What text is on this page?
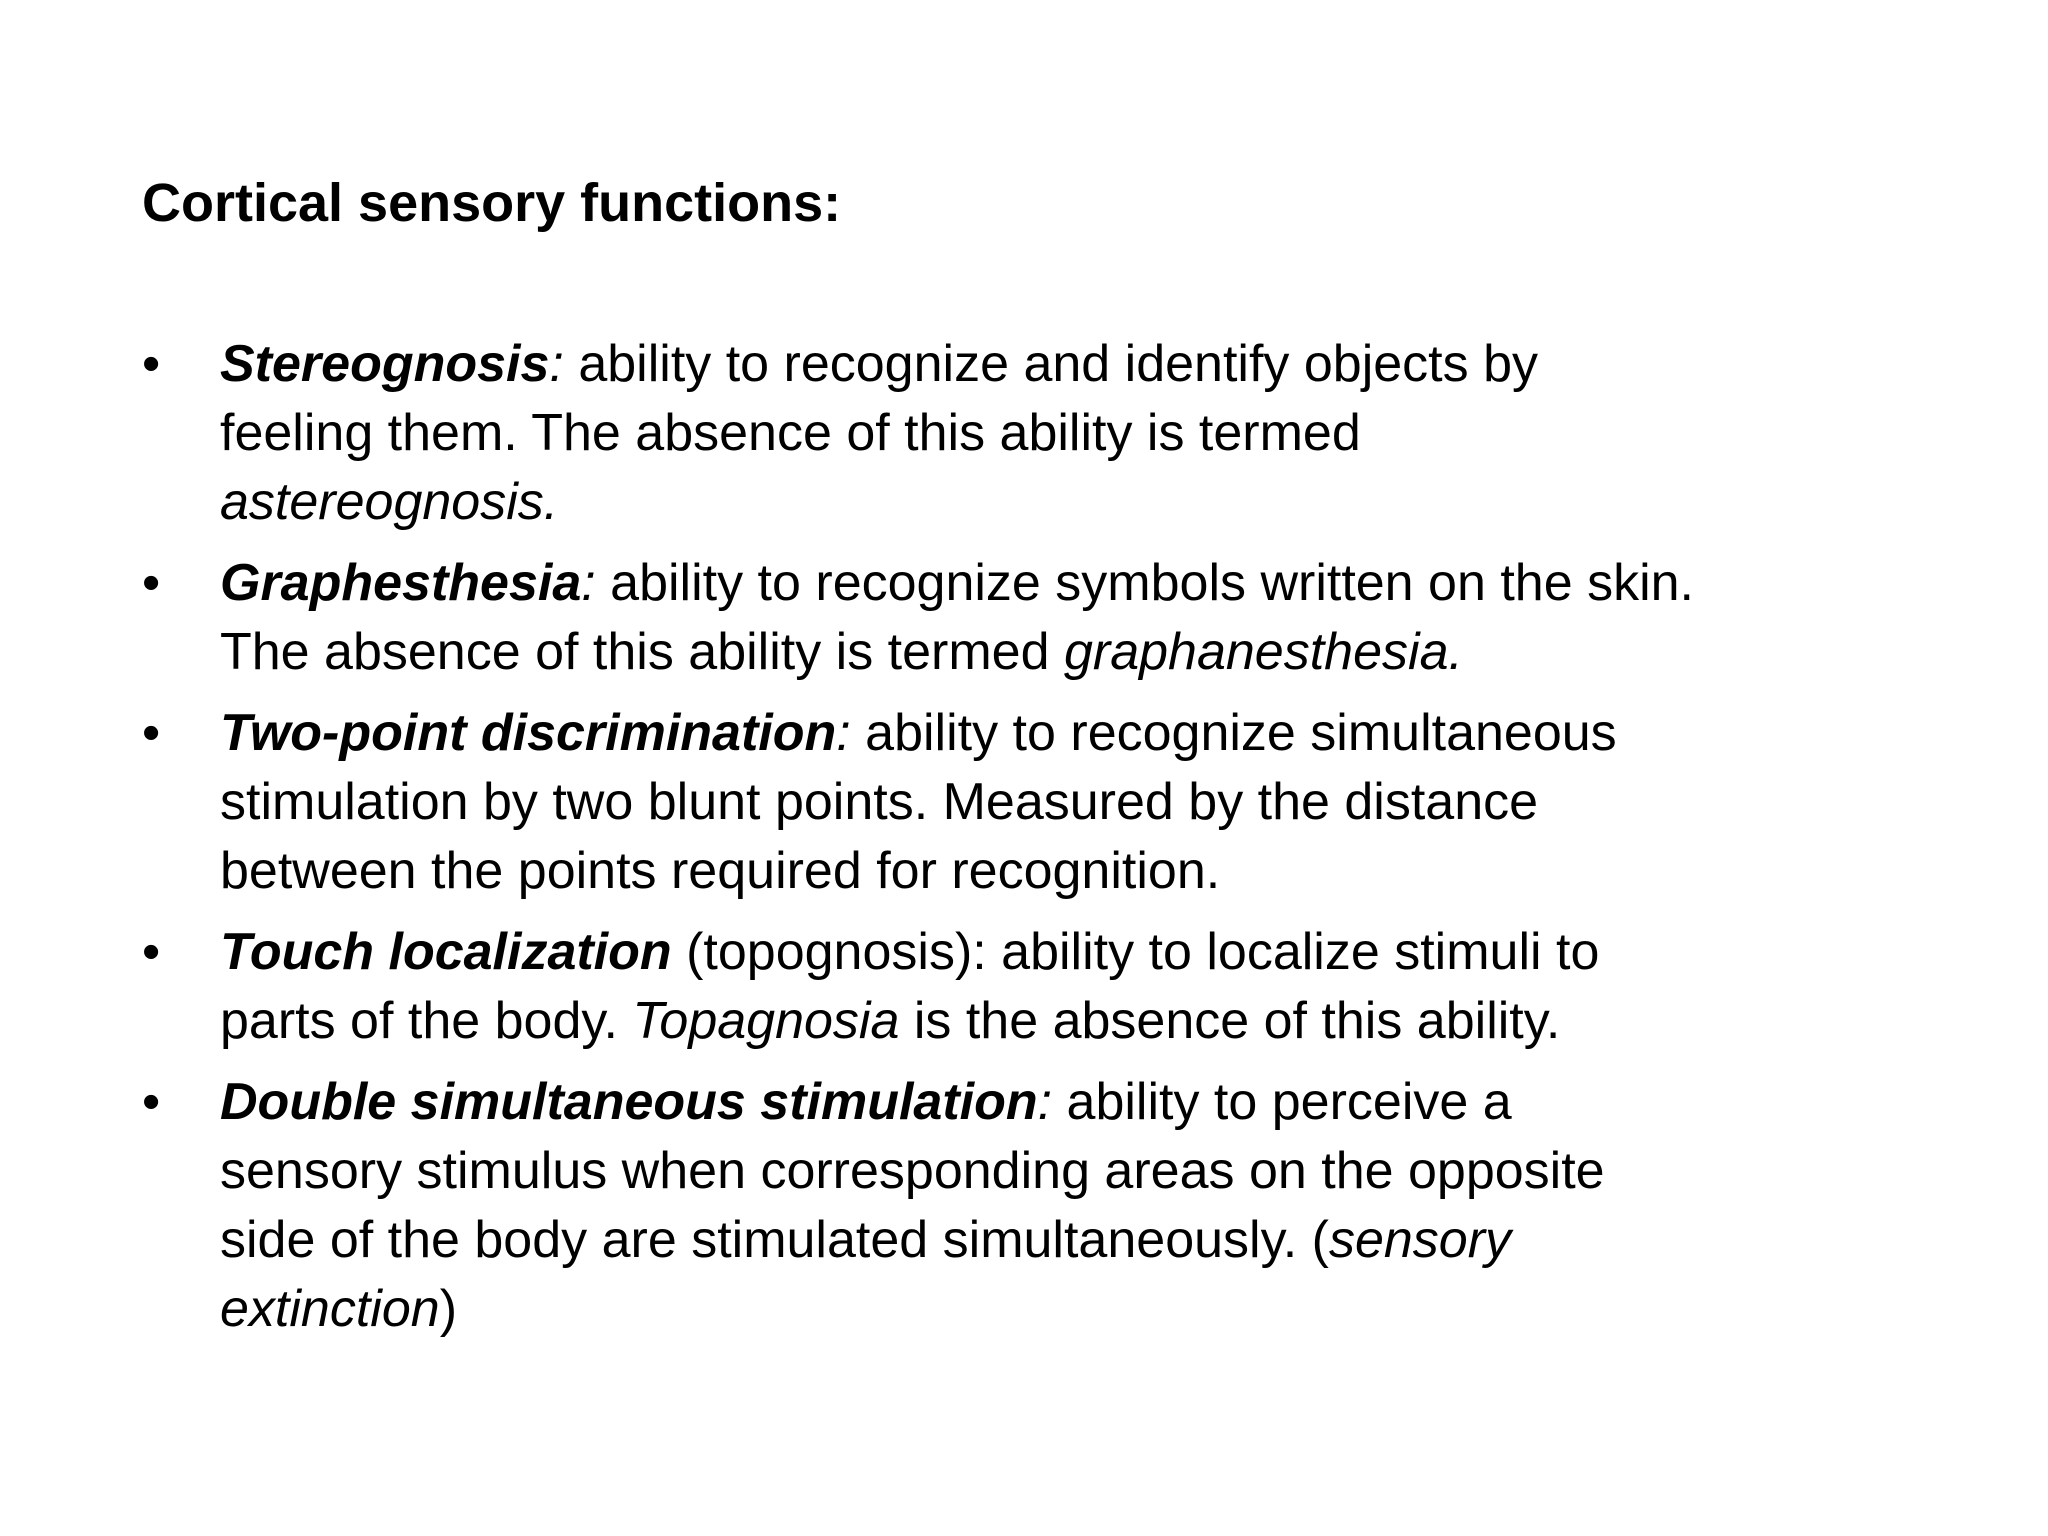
Cortical sensory functions:
•	Stereognosis: ability to recognize and identify objects by
feeling them. The absence of this ability is termed
astereognosis.
•	Graphesthesia: ability to recognize symbols written on the skin.
The absence of this ability is termed graphanesthesia.
•	Two-point discrimination: ability to recognize simultaneous
stimulation by two blunt points. Measured by the distance
between the points required for recognition.
•	Touch localization (topognosis): ability to localize stimuli to
parts of the body. Topagnosia is the absence of this ability.
•	Double simultaneous stimulation: ability to perceive a
sensory stimulus when corresponding areas on the opposite
side of the body are stimulated simultaneously. (sensory
extinction)
